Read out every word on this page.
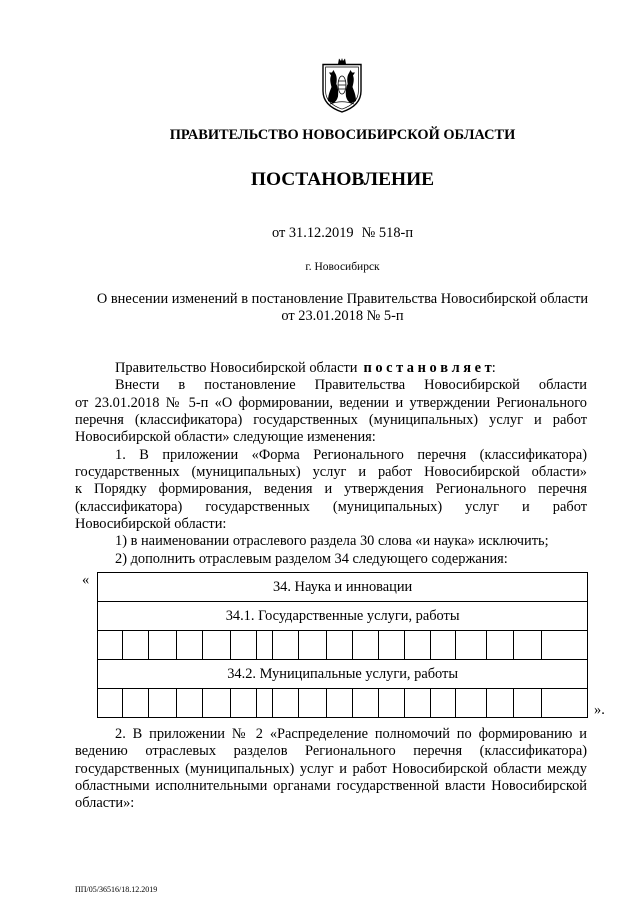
ПРАВИТЕЛЬСТВО НОВОСИБИРСКОЙ ОБЛАСТИ
ПОСТАНОВЛЕНИЕ
от 31.12.2019 № 518-п
г. Новосибирск
О внесении изменений в постановление Правительства Новосибирской области
от 23.01.2018 № 5-п
Правительство Новосибирской области п о с т а н о в л я е т:
Внести в постановление Правительства Новосибирской области
от 23.01.2018 № 5-п «О формировании, ведении и утверждении Регионального
перечня (классификатора) государственных (муниципальных) услуг и работ
Новосибирской области» следующие изменения:
1. В приложении «Форма Регионального перечня (классификатора)
государственных (муниципальных) услуг и работ Новосибирской области»
к Порядку формирования, ведения и утверждения Регионального перечня
(классификатора) государственных (муниципальных) услуг и работ
Новосибирской области:
1) в наименовании отраслевого раздела 30 слова «и наука» исключить;
2) дополнить отраслевым разделом 34 следующего содержания:
«	34. Наука и инновации																	
34.1. Государственные услуги, работы																	

34.2. Муниципальные услуги, работы																	

».
2. В приложении № 2 «Распределение полномочий по формированию и
ведению отраслевых разделов Регионального перечня (классификатора)
государственных (муниципальных) услуг и работ Новосибирской области между
областными исполнительными органами государственной власти Новосибирской
области»:
ПП/05/36516/18.12.2019
